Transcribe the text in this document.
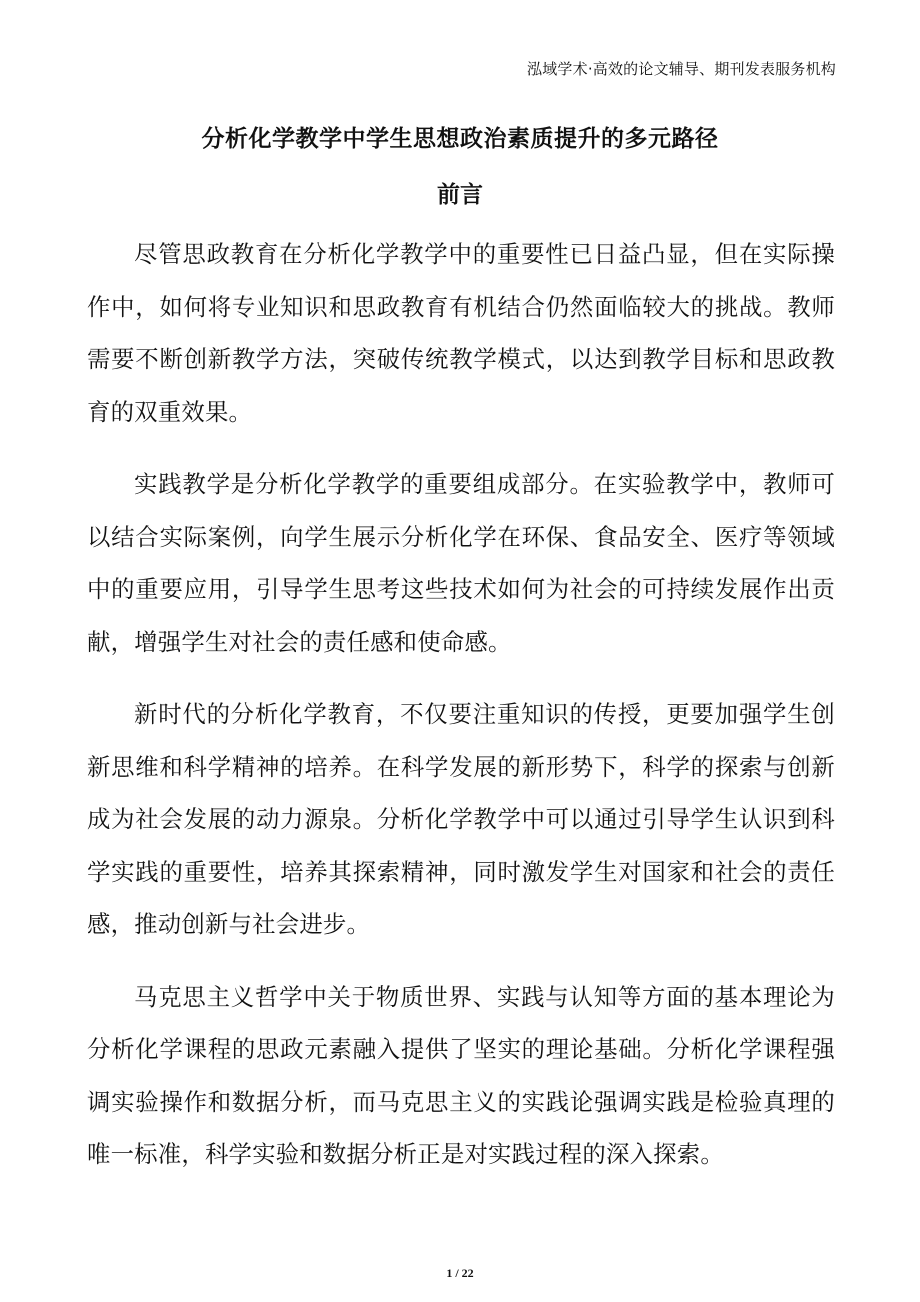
泓域学术·高效的论文辅导、期刊发表服务机构
分析化学教学中学生思想政治素质提升的多元路径
前言

尽管思政教育在分析化学教学中的重要性已日益凸显，但在实际操作中，如何将专业知识和思政教育有机结合仍然面临较大的挑战。教师需要不断创新教学方法，突破传统教学模式，以达到教学目标和思政教育的双重效果。

实践教学是分析化学教学的重要组成部分。在实验教学中，教师可以结合实际案例，向学生展示分析化学在环保、食品安全、医疗等领域中的重要应用，引导学生思考这些技术如何为社会的可持续发展作出贡献，增强学生对社会的责任感和使命感。

新时代的分析化学教育，不仅要注重知识的传授，更要加强学生创新思维和科学精神的培养。在科学发展的新形势下，科学的探索与创新成为社会发展的动力源泉。分析化学教学中可以通过引导学生认识到科学实践的重要性，培养其探索精神，同时激发学生对国家和社会的责任感，推动创新与社会进步。

马克思主义哲学中关于物质世界、实践与认知等方面的基本理论为分析化学课程的思政元素融入提供了坚实的理论基础。分析化学课程强调实验操作和数据分析，而马克思主义的实践论强调实践是检验真理的唯一标准，科学实验和数据分析正是对实践过程的深入探索。

1 / 22
